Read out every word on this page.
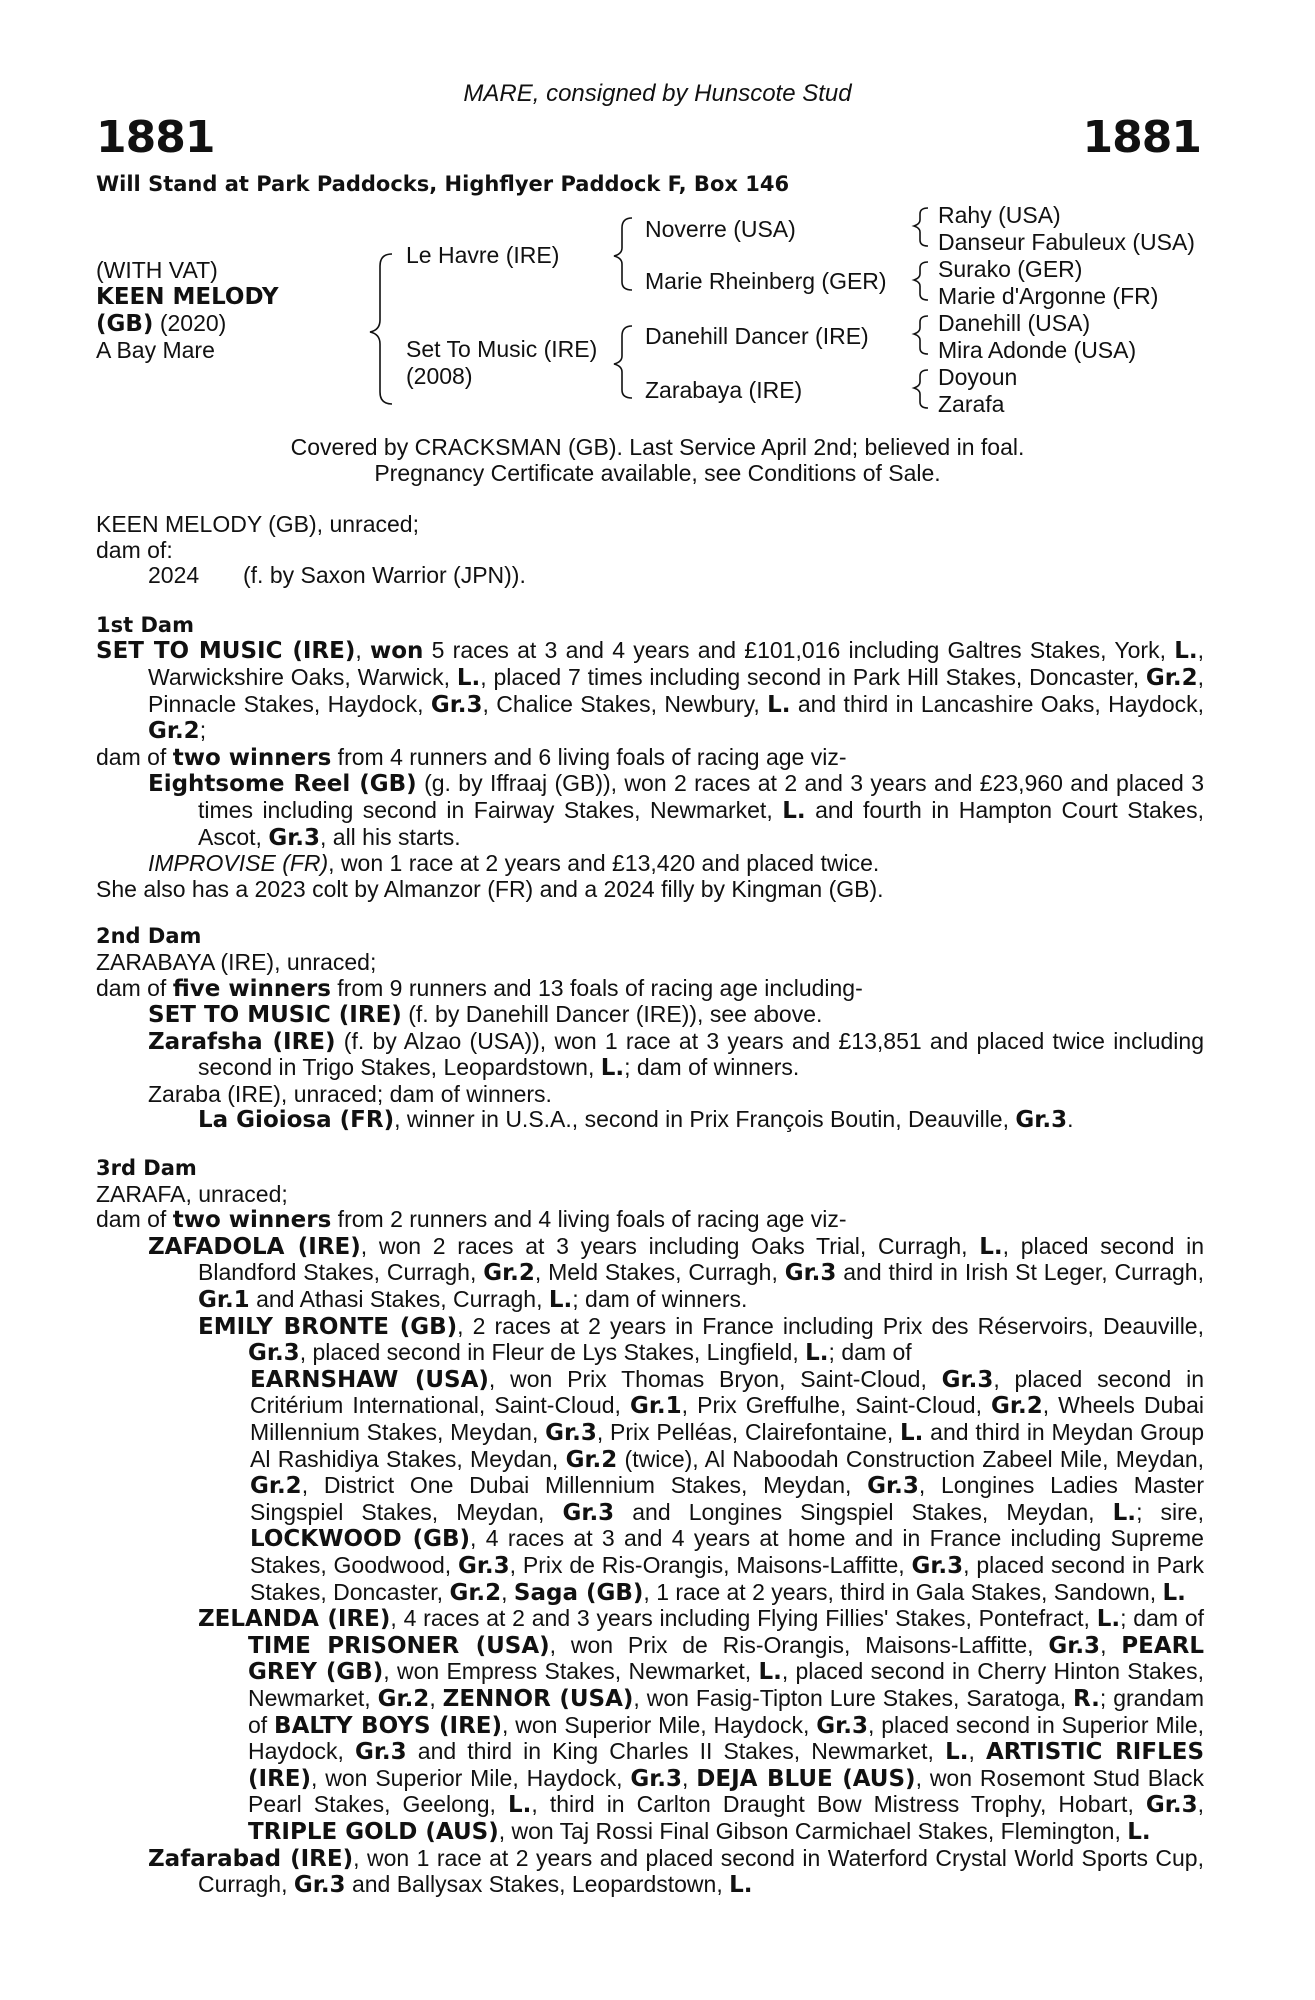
MARE, consigned by Hunscote Stud
1881	1881
Will Stand at Park Paddocks, Highflyer Paddock F, Box 146
(WITH VAT)
KEEN MELODY
(GB) (2020)
A Bay Mare
Le Havre (IRE)
Set To Music (IRE)
(2008)
Noverre (USA)
Marie Rheinberg (GER)
Danehill Dancer (IRE)
Zarabaya (IRE)
Rahy (USA)
Danseur Fabuleux (USA)
Surako (GER)
Marie d'Argonne (FR)
Danehill (USA)
Mira Adonde (USA)
Doyoun
Zarafa
Covered by CRACKSMAN (GB). Last Service April 2nd; believed in foal.
Pregnancy Certificate available, see Conditions of Sale.
KEEN MELODY (GB), unraced;
dam of:
2024 (f. by Saxon Warrior (JPN)).
1st Dam
SET TO MUSIC (IRE), won 5 races at 3 and 4 years and £101,016 including Galtres Stakes, York, L., Warwickshire Oaks, Warwick, L., placed 7 times including second in Park Hill Stakes, Doncaster, Gr.2, Pinnacle Stakes, Haydock, Gr.3, Chalice Stakes, Newbury, L. and third in Lancashire Oaks, Haydock, Gr.2;
dam of two winners from 4 runners and 6 living foals of racing age viz-
Eightsome Reel (GB) (g. by Iffraaj (GB)), won 2 races at 2 and 3 years and £23,960 and placed 3 times including second in Fairway Stakes, Newmarket, L. and fourth in Hampton Court Stakes, Ascot, Gr.3, all his starts.
IMPROVISE (FR), won 1 race at 2 years and £13,420 and placed twice.
She also has a 2023 colt by Almanzor (FR) and a 2024 filly by Kingman (GB).
2nd Dam
ZARABAYA (IRE), unraced;
dam of five winners from 9 runners and 13 foals of racing age including-
SET TO MUSIC (IRE) (f. by Danehill Dancer (IRE)), see above.
Zarafsha (IRE) (f. by Alzao (USA)), won 1 race at 3 years and £13,851 and placed twice including second in Trigo Stakes, Leopardstown, L.; dam of winners.
Zaraba (IRE), unraced; dam of winners.
La Gioiosa (FR), winner in U.S.A., second in Prix François Boutin, Deauville, Gr.3.
3rd Dam
ZARAFA, unraced;
dam of two winners from 2 runners and 4 living foals of racing age viz-
ZAFADOLA (IRE), won 2 races at 3 years including Oaks Trial, Curragh, L., placed second in Blandford Stakes, Curragh, Gr.2, Meld Stakes, Curragh, Gr.3 and third in Irish St Leger, Curragh, Gr.1 and Athasi Stakes, Curragh, L.; dam of winners.
EMILY BRONTE (GB), 2 races at 2 years in France including Prix des Réservoirs, Deauville, Gr.3, placed second in Fleur de Lys Stakes, Lingfield, L.; dam of
EARNSHAW (USA), won Prix Thomas Bryon, Saint-Cloud, Gr.3, placed second in Critérium International, Saint-Cloud, Gr.1, Prix Greffulhe, Saint-Cloud, Gr.2, Wheels Dubai Millennium Stakes, Meydan, Gr.3, Prix Pelléas, Clairefontaine, L. and third in Meydan Group Al Rashidiya Stakes, Meydan, Gr.2 (twice), Al Naboodah Construction Zabeel Mile, Meydan, Gr.2, District One Dubai Millennium Stakes, Meydan, Gr.3, Longines Ladies Master Singspiel Stakes, Meydan, Gr.3 and Longines Singspiel Stakes, Meydan, L.; sire, LOCKWOOD (GB), 4 races at 3 and 4 years at home and in France including Supreme Stakes, Goodwood, Gr.3, Prix de Ris-Orangis, Maisons-Laffitte, Gr.3, placed second in Park Stakes, Doncaster, Gr.2, Saga (GB), 1 race at 2 years, third in Gala Stakes, Sandown, L.
ZELANDA (IRE), 4 races at 2 and 3 years including Flying Fillies' Stakes, Pontefract, L.; dam of TIME PRISONER (USA), won Prix de Ris-Orangis, Maisons-Laffitte, Gr.3, PEARL GREY (GB), won Empress Stakes, Newmarket, L., placed second in Cherry Hinton Stakes, Newmarket, Gr.2, ZENNOR (USA), won Fasig-Tipton Lure Stakes, Saratoga, R.; grandam of BALTY BOYS (IRE), won Superior Mile, Haydock, Gr.3, placed second in Superior Mile, Haydock, Gr.3 and third in King Charles II Stakes, Newmarket, L., ARTISTIC RIFLES (IRE), won Superior Mile, Haydock, Gr.3, DEJA BLUE (AUS), won Rosemont Stud Black Pearl Stakes, Geelong, L., third in Carlton Draught Bow Mistress Trophy, Hobart, Gr.3, TRIPLE GOLD (AUS), won Taj Rossi Final Gibson Carmichael Stakes, Flemington, L.
Zafarabad (IRE), won 1 race at 2 years and placed second in Waterford Crystal World Sports Cup, Curragh, Gr.3 and Ballysax Stakes, Leopardstown, L.
